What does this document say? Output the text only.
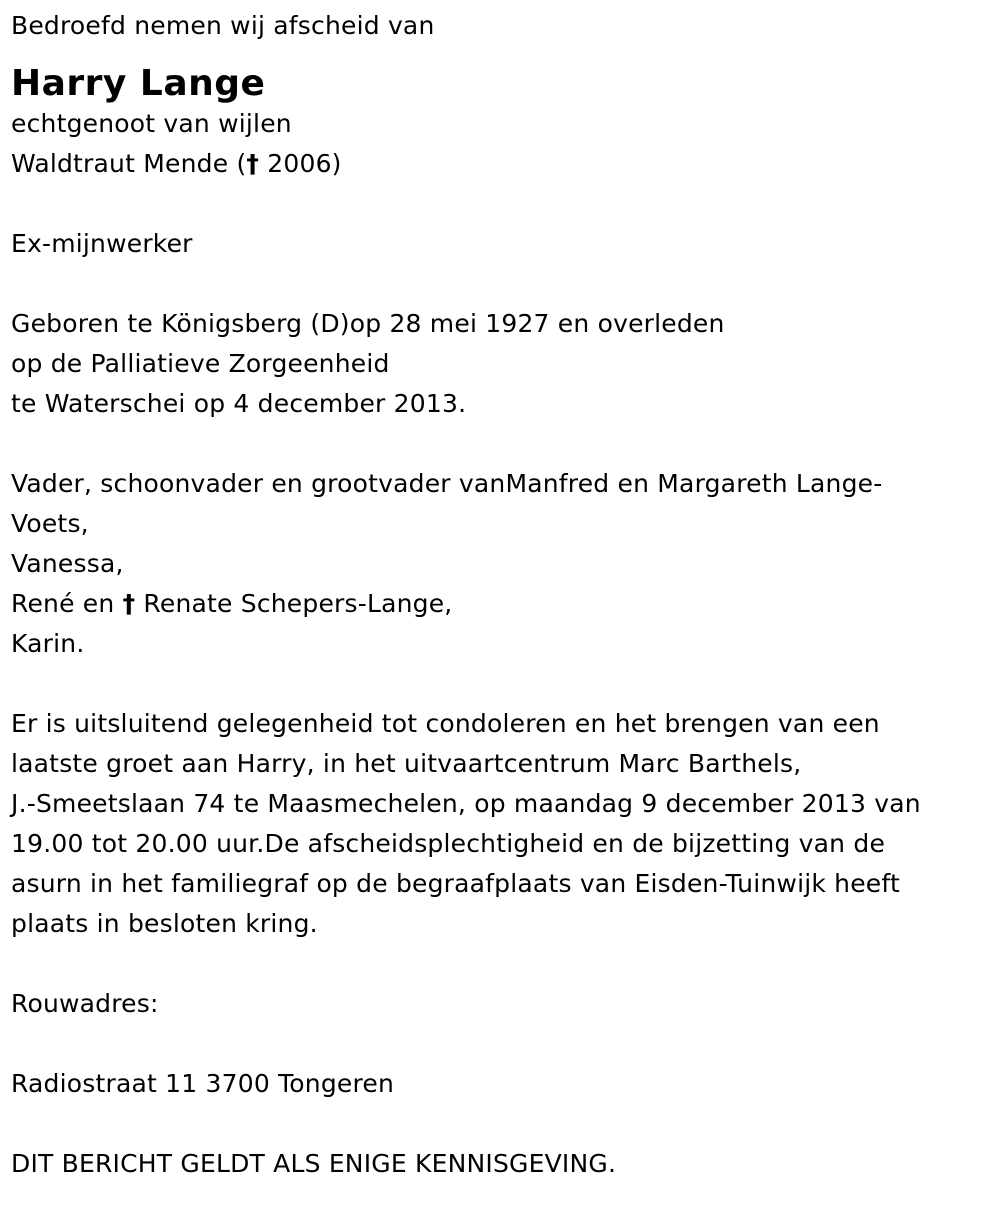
Bedroefd nemen wij afscheid van
Harry Lange
echtgenoot van wijlen
Waldtraut Mende († 2006)
Ex-mijnwerker
Geboren te Königsberg (D)op 28 mei 1927 en overleden
op de Palliatieve Zorgeenheid
te Waterschei op 4 december 2013.
Vader, schoonvader en grootvader vanManfred en Margareth Lange-
Voets,
Vanessa,
René en † Renate Schepers-Lange,
Karin.
Er is uitsluitend gelegenheid tot condoleren en het brengen van een
laatste groet aan Harry, in het uitvaartcentrum Marc Barthels,
J.-Smeetslaan 74 te Maasmechelen, op maandag 9 december 2013 van
19.00 tot 20.00 uur.De afscheidsplechtigheid en de bijzetting van de
asurn in het familiegraf op de begraafplaats van Eisden-Tuinwijk heeft
plaats in besloten kring.
Rouwadres:
Radiostraat 11 3700 Tongeren
DIT BERICHT GELDT ALS ENIGE KENNISGEVING.
